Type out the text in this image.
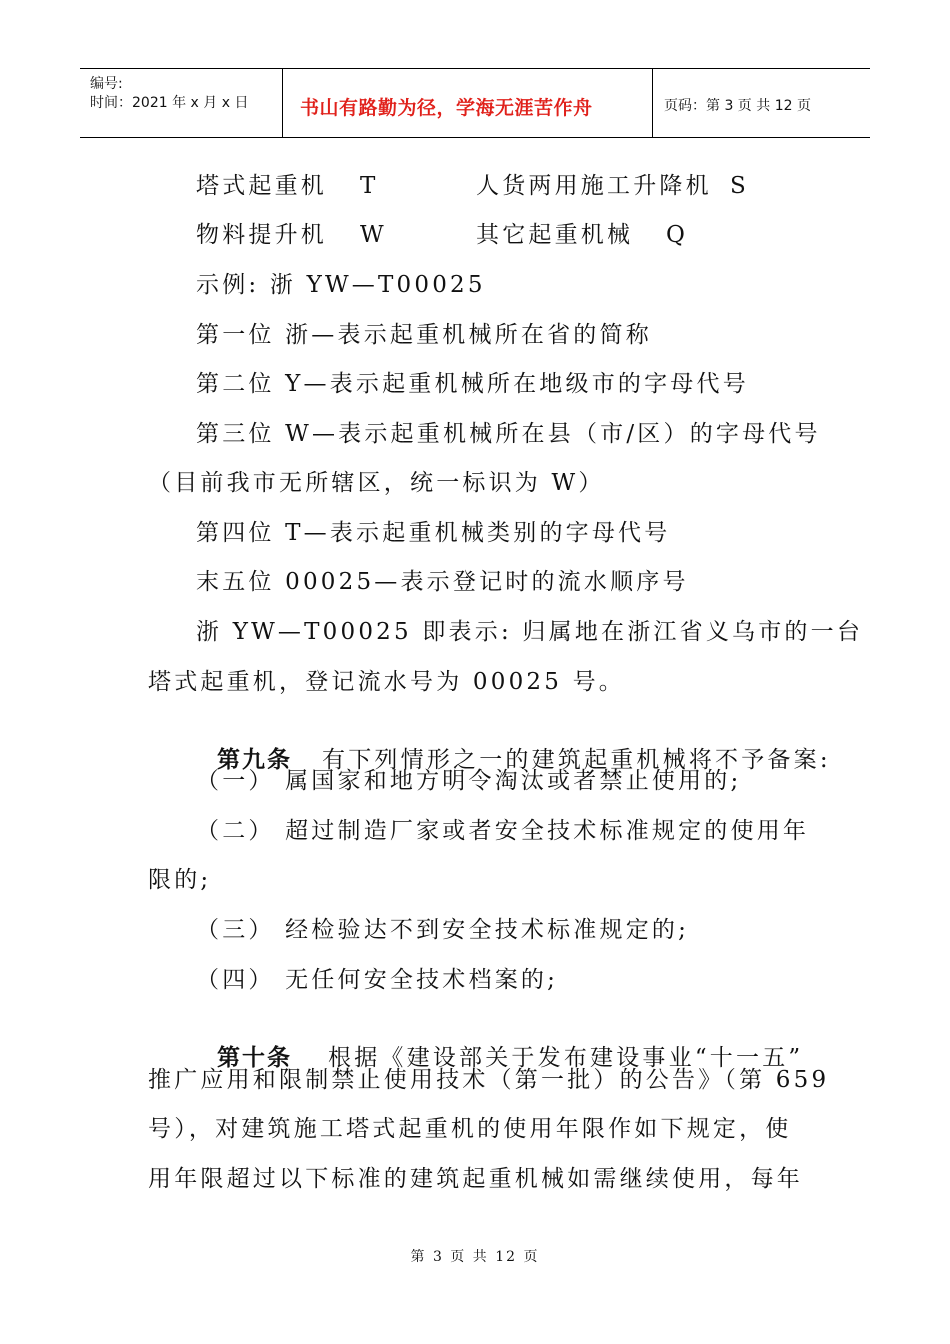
编号:
时间：2021 年 x 月 x 日	书山有路勤为径，学海无涯苦作舟	页码：第 3 页 共 12 页
塔式起重机 T	人货两用施工升降机 S
物料提升机 W	其它起重机械 Q
示例: 浙 YW—T00025
第一位 浙—表示起重机械所在省的简称
第二位 Y—表示起重机械所在地级市的字母代号
第三位 W—表示起重机械所在县（市/区）的字母代号
（目前我市无所辖区，统一标识为 W）
第四位 T—表示起重机械类别的字母代号
末五位 00025—表示登记时的流水顺序号
浙 YW—T00025 即表示: 归属地在浙江省义乌市的一台
塔式起重机，登记流水号为 00025 号。

第九条 有下列情形之一的建筑起重机械将不予备案:

（一） 属国家和地方明令淘汰或者禁止使用的;
（二） 超过制造厂家或者安全技术标准规定的使用年
限的;
（三） 经检验达不到安全技术标准规定的;
（四） 无任何安全技术档案的;

第十条 根据《建设部关于发布建设事业“十一五”

推广应用和限制禁止使用技术（第一批）的公告》（第 659
号），对建筑施工塔式起重机的使用年限作如下规定，使
用年限超过以下标准的建筑起重机械如需继续使用，每年
第 3 页 共 12 页
